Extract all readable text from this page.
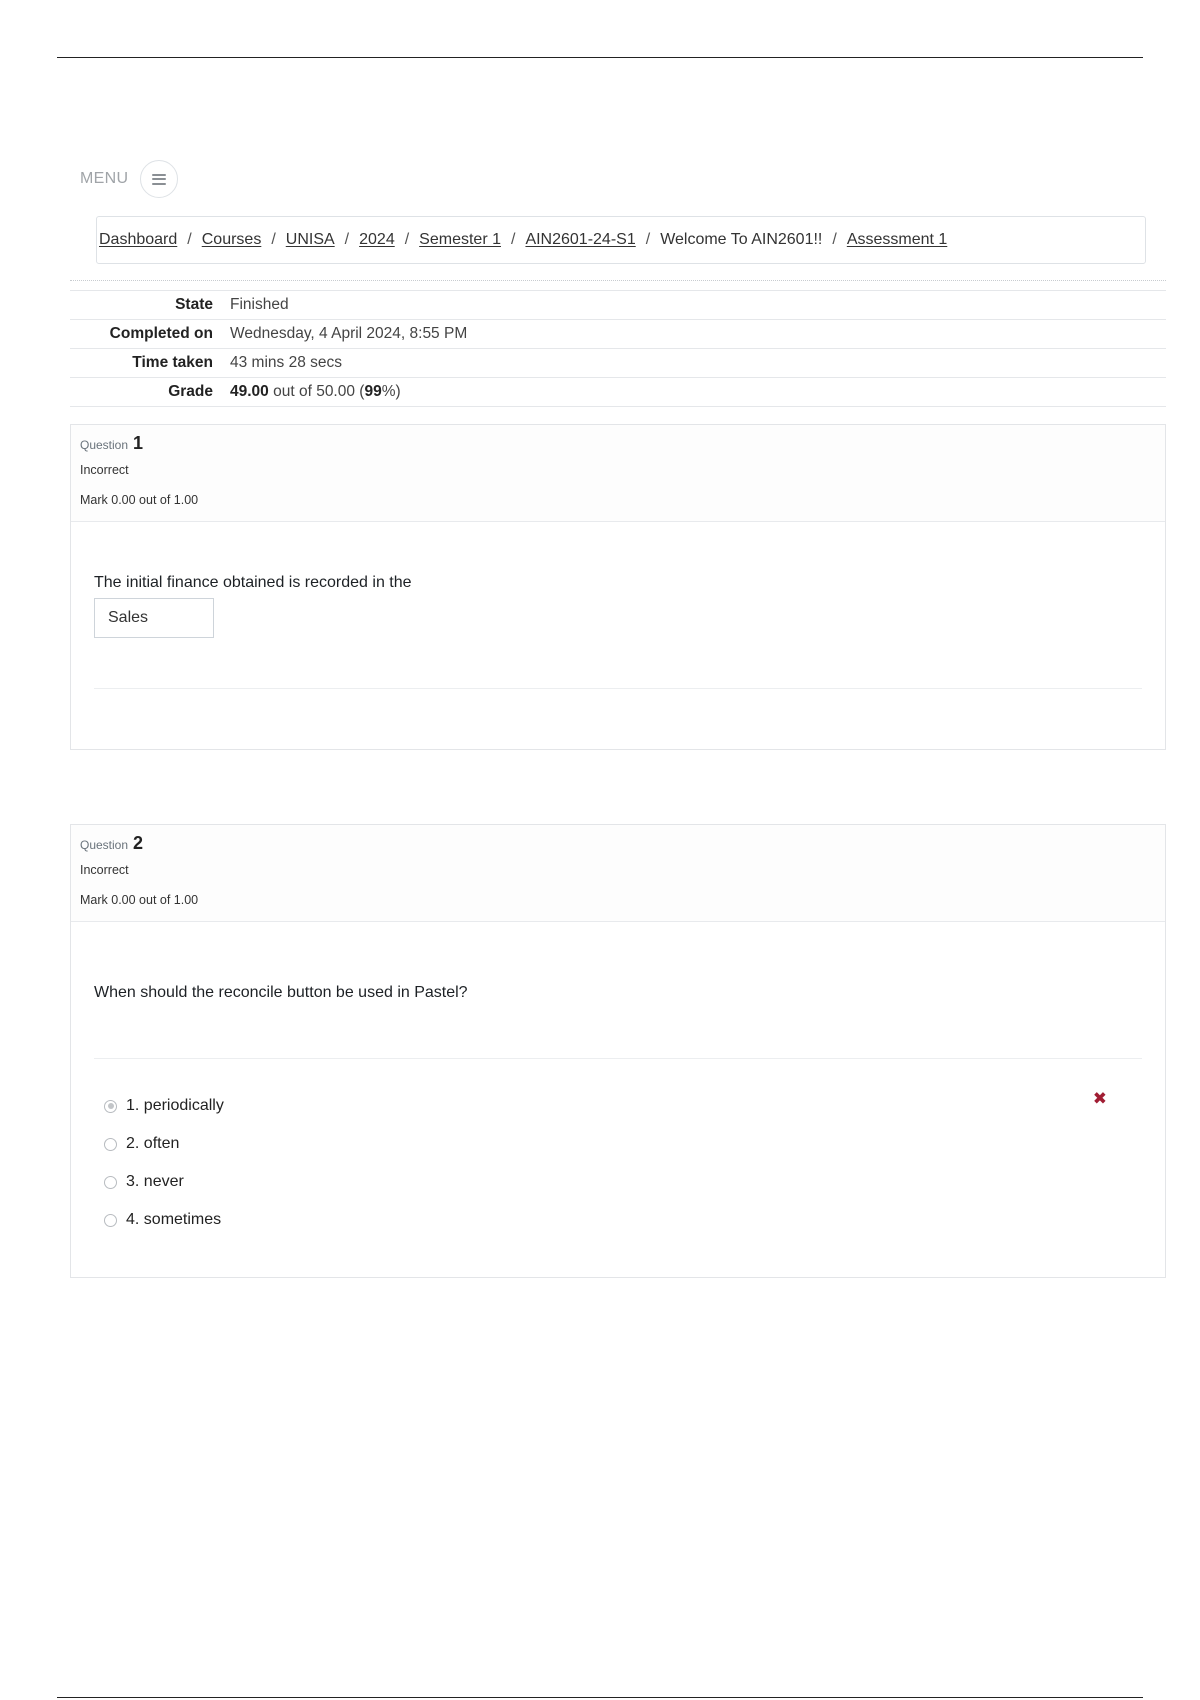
MENU
Dashboard / Courses / UNISA / 2024 / Semester 1 / AIN2601-24-S1 / Welcome To AIN2601!! / Assessment 1
State	Finished
Completed on	Wednesday, 4 April 2024, 8:55 PM
Time taken	43 mins 28 secs
Grade	49.00 out of 50.00 (99%)
Question 1
Incorrect
Mark 0.00 out of 1.00
The initial finance obtained is recorded in the
Sales
Question 2
Incorrect
Mark 0.00 out of 1.00
When should the reconcile button be used in Pastel?
1. periodically	✖
2. often
3. never
4. sometimes
